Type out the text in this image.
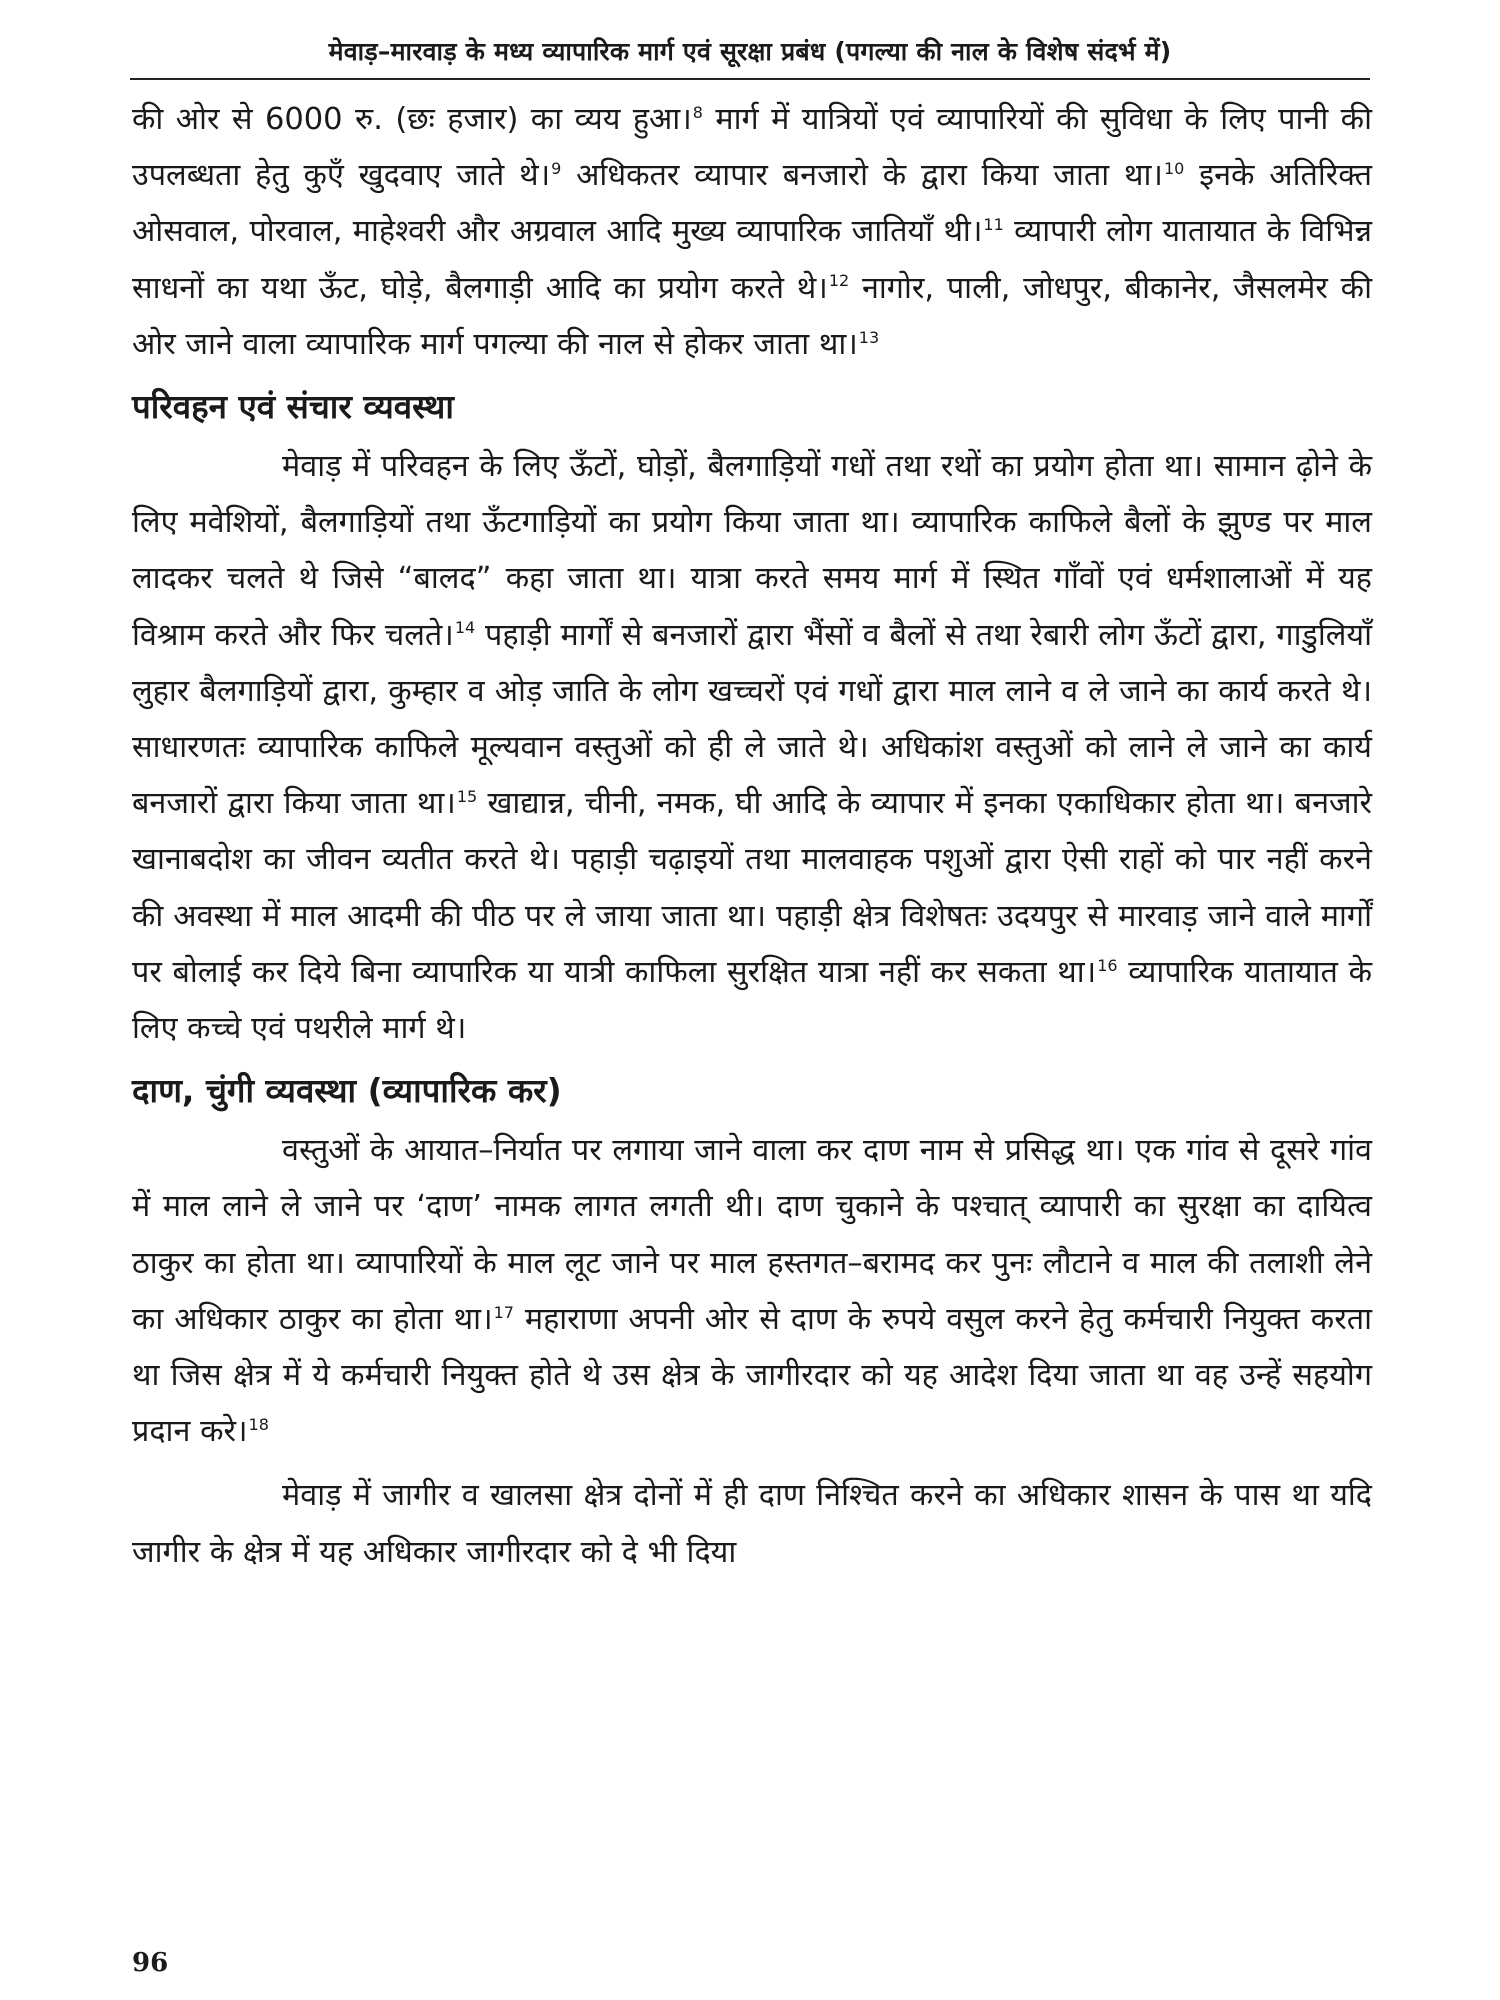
मेवाड़–मारवाड़ के मध्य व्यापारिक मार्ग एवं सूरक्षा प्रबंध (पगल्या की नाल के विशेष संदर्भ में)

की ओर से 6000 रु. (छः हजार) का व्यय हुआ।$^8$ मार्ग में यात्रियों एवं व्यापारियों की सुविधा के लिए पानी की उपलब्धता हेतु कुएँ खुदवाए जाते थे।$^9$ अधिकतर व्यापार बनजारो के द्वारा किया जाता था।$^{10}$ इनके अतिरिक्त ओसवाल, पोरवाल, माहेश्वरी और अग्रवाल आदि मुख्य व्यापारिक जातियाँ थी।$^{11}$ व्यापारी लोग यातायात के विभिन्न साधनों का यथा ऊँट, घोड़े, बैलगाड़ी आदि का प्रयोग करते थे।$^{12}$ नागोर, पाली, जोधपुर, बीकानेर, जैसलमेर की ओर जाने वाला व्यापारिक मार्ग पगल्या की नाल से होकर जाता था।$^{13}$

परिवहन एवं संचार व्यवस्था

मेवाड़ में परिवहन के लिए ऊँटों, घोड़ों, बैलगाड़ियों गधों तथा रथों का प्रयोग होता था। सामान ढ़ोने के लिए मवेशियों, बैलगाड़ियों तथा ऊँटगाड़ियों का प्रयोग किया जाता था। व्यापारिक काफिले बैलों के झुण्ड पर माल लादकर चलते थे जिसे “बालद” कहा जाता था। यात्रा करते समय मार्ग में स्थित गाँवों एवं धर्मशालाओं में यह विश्राम करते और फिर चलते।$^{14}$ पहाड़ी मार्गों से बनजारों द्वारा भैंसों व बैलों से तथा रेबारी लोग ऊँटों द्वारा, गाडुलियाँ लुहार बैलगाड़ियों द्वारा, कुम्हार व ओड़ जाति के लोग खच्चरों एवं गधों द्वारा माल लाने व ले जाने का कार्य करते थे। साधारणतः व्यापारिक काफिले मूल्यवान वस्तुओं को ही ले जाते थे। अधिकांश वस्तुओं को लाने ले जाने का कार्य बनजारों द्वारा किया जाता था।$^{15}$ खाद्यान्न, चीनी, नमक, घी आदि के व्यापार में इनका एकाधिकार होता था। बनजारे खानाबदोश का जीवन व्यतीत करते थे। पहाड़ी चढ़ाइयों तथा मालवाहक पशुओं द्वारा ऐसी राहों को पार नहीं करने की अवस्था में माल आदमी की पीठ पर ले जाया जाता था। पहाड़ी क्षेत्र विशेषतः उदयपुर से मारवाड़ जाने वाले मार्गों पर बोलाई कर दिये बिना व्यापारिक या यात्री काफिला सुरक्षित यात्रा नहीं कर सकता था।$^{16}$ व्यापारिक यातायात के लिए कच्चे एवं पथरीले मार्ग थे।

दाण, चुंगी व्यवस्था (व्यापारिक कर)

वस्तुओं के आयात–निर्यात पर लगाया जाने वाला कर दाण नाम से प्रसिद्ध था। एक गांव से दूसरे गांव में माल लाने ले जाने पर ‘दाण’ नामक लागत लगती थी। दाण चुकाने के पश्चात् व्यापारी का सुरक्षा का दायित्व ठाकुर का होता था। व्यापारियों के माल लूट जाने पर माल हस्तगत–बरामद कर पुनः लौटाने व माल की तलाशी लेने का अधिकार ठाकुर का होता था।$^{17}$ महाराणा अपनी ओर से दाण के रुपये वसुल करने हेतु कर्मचारी नियुक्त करता था जिस क्षेत्र में ये कर्मचारी नियुक्त होते थे उस क्षेत्र के जागीरदार को यह आदेश दिया जाता था वह उन्हें सहयोग प्रदान करे।$^{18}$

मेवाड़ में जागीर व खालसा क्षेत्र दोनों में ही दाण निश्चित करने का अधिकार शासन के पास था यदि जागीर के क्षेत्र में यह अधिकार जागीरदार को दे भी दिया

96
